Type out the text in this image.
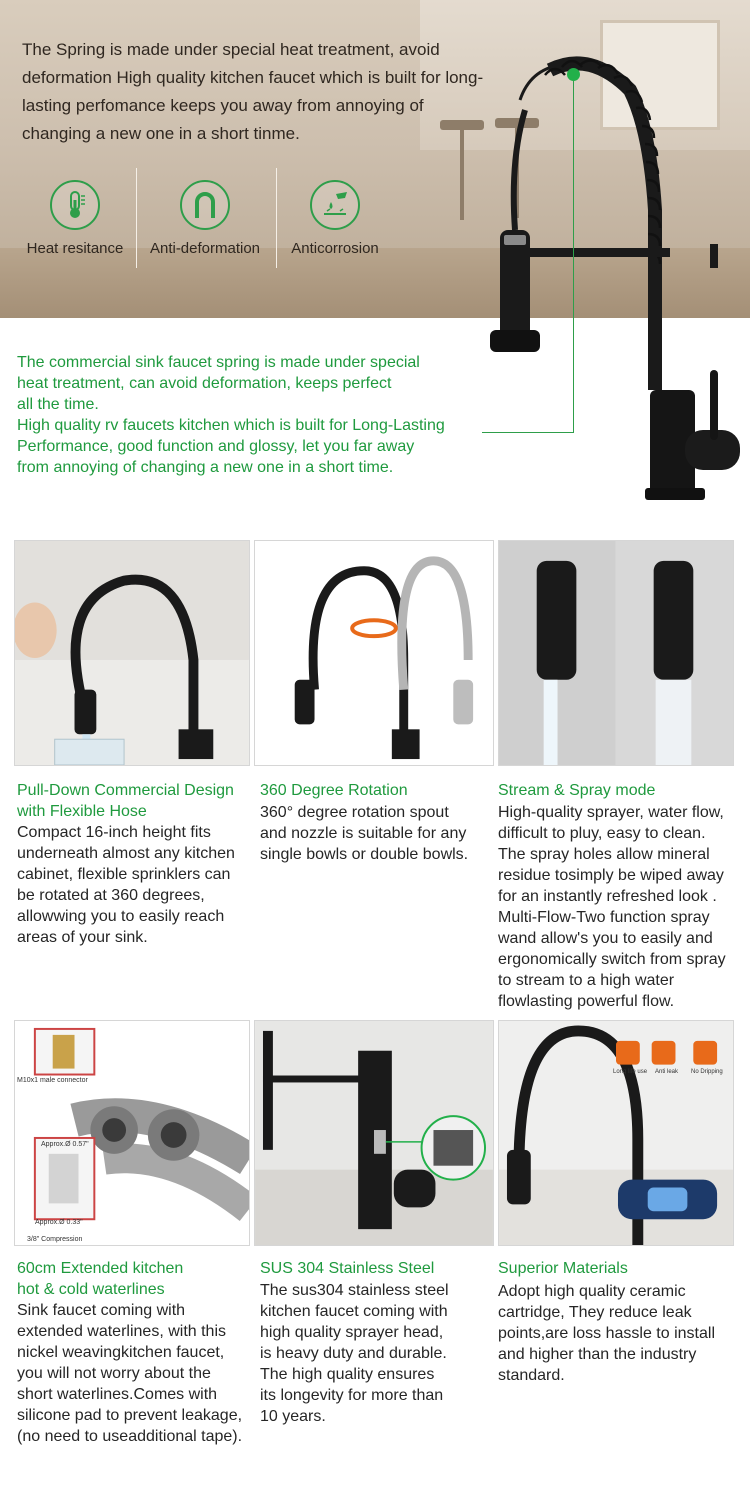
The Spring is made under special heat treatment, avoid deformation High quality kitchen faucet which is built for long-lasting perfomance keeps you away from annoying of changing a new one in a short tinme.

Heat resitance Anti-deformation Anticorrosion
The commercial sink faucet spring is made under special
heat treatment, can avoid deformation, keeps perfect
all the time.
High quality rv faucets kitchen which is built for Long-Lasting
Performance, good function and glossy, let you far away
from annoying of changing a new one in a short time.
Pull-Down Commercial Design
with Flexible Hose
Compact 16-inch height fits
underneath almost any kitchen
cabinet, flexible sprinklers can
be rotated at 360 degrees,
allowwing you to easily reach
areas of your sink.
360 Degree Rotation
360° degree rotation spout
and nozzle is suitable for any
single bowls or double bowls.
Stream & Spray mode
High-quality sprayer, water flow,
difficult to pluy, easy to clean.
The spray holes allow mineral
residue tosimply be wiped away
for an instantly refreshed look .
Multi-Flow-Two function spray
wand allow's you to easily and
ergonomically switch from spray
to stream to a high water
flowlasting powerful flow.
M10x1 male connector
Approx.Ø 0.57"
Approx.Ø 0.33"
3/8" Compression
Long life use Anti leak No Dripping
60cm Extended kitchen
hot & cold waterlines
Sink faucet coming with
extended waterlines, with this
nickel weavingkitchen faucet,
you will not worry about the
short waterlines.Comes with
silicone pad to prevent leakage,
(no need to useadditional tape).
SUS 304 Stainless Steel
The sus304 stainless steel
kitchen faucet coming with
high quality sprayer head,
is heavy duty and durable.
The high quality ensures
its longevity for more than
10 years.
Superior Materials
Adopt high quality ceramic
cartridge, They reduce leak
points,are loss hassle to install
and higher than the industry
standard.
